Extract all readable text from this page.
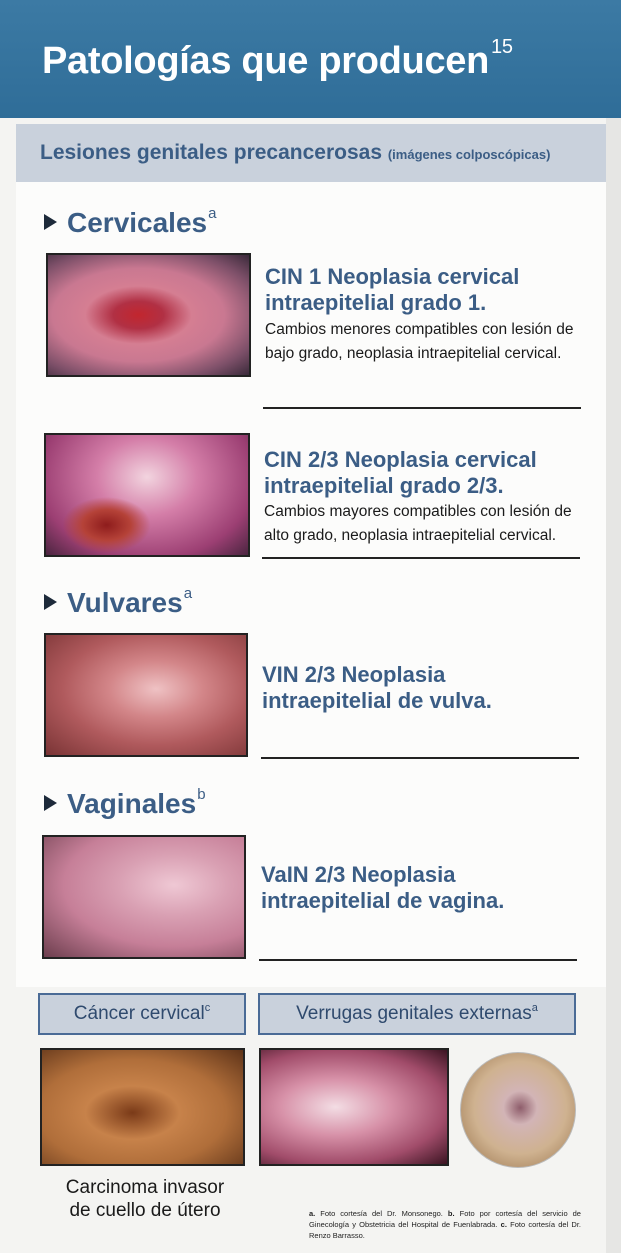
Patologías que producen $^{15}$
Lesiones genitales precancerosas (imágenes colposcópicas)
Cervicales$^a$
CIN 1 Neoplasia cervical
intraepitelial grado 1.
Cambios menores compatibles con lesión de
bajo grado, neoplasia intraepitelial cervical.
CIN 2/3 Neoplasia cervical
intraepitelial grado 2/3.
Cambios mayores compatibles con lesión de
alto grado, neoplasia intraepitelial cervical.
Vulvares$^a$
VIN 2/3 Neoplasia
intraepitelial de vulva.
Vaginales$^b$
VaIN 2/3 Neoplasia
intraepitelial de vagina.
Cáncer cervical$^c$	Verrugas genitales externas$^a$
Carcinoma invasor
de cuello de útero	a. Foto cortesía del Dr. Monsonego. b. Foto por cortesía del servicio de Ginecología y Obstetricia del Hospital de Fuenlabrada. c. Foto cortesía del Dr. Renzo Barrasso.
